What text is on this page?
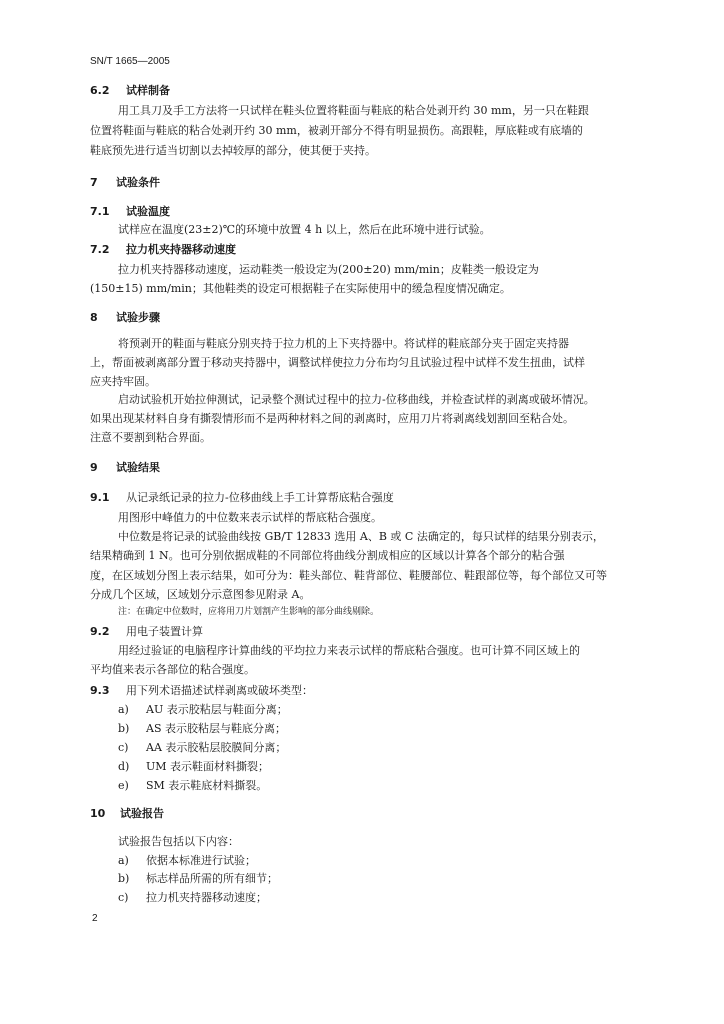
SN/T 1665—2005
6.2 试样制备
用工具刀及手工方法将一只试样在鞋头位置将鞋面与鞋底的粘合处剥开约 30 mm，另一只在鞋跟
位置将鞋面与鞋底的粘合处剥开约 30 mm，被剥开部分不得有明显损伤。高跟鞋，厚底鞋或有底墙的
鞋底预先进行适当切割以去掉较厚的部分，使其便于夹持。
7 试验条件
7.1 试验温度
试样应在温度(23±2)℃的环境中放置 4 h 以上，然后在此环境中进行试验。
7.2 拉力机夹持器移动速度
拉力机夹持器移动速度，运动鞋类一般设定为(200±20) mm/min；皮鞋类一般设定为
(150±15) mm/min；其他鞋类的设定可根据鞋子在实际使用中的缓急程度情况确定。
8 试验步骤
将预剥开的鞋面与鞋底分别夹持于拉力机的上下夹持器中。将试样的鞋底部分夹于固定夹持器
上，帮面被剥离部分置于移动夹持器中，调整试样使拉力分布均匀且试验过程中试样不发生扭曲，试样
应夹持牢固。
启动试验机开始拉伸测试，记录整个测试过程中的拉力-位移曲线，并检查试样的剥离或破坏情况。
如果出现某材料自身有撕裂情形而不是两种材料之间的剥离时，应用刀片将剥离线划割回至粘合处。
注意不要割到粘合界面。
9 试验结果
9.1 从记录纸记录的拉力-位移曲线上手工计算帮底粘合强度
用图形中峰值力的中位数来表示试样的帮底粘合强度。
中位数是将记录的试验曲线按 GB/T 12833 选用 A、B 或 C 法确定的，每只试样的结果分别表示，
结果精确到 1 N。也可分别依据成鞋的不同部位将曲线分割成相应的区域以计算各个部分的粘合强
度，在区域划分图上表示结果，如可分为：鞋头部位、鞋背部位、鞋腰部位、鞋跟部位等，每个部位又可等
分成几个区域，区域划分示意图参见附录 A。
注：在确定中位数时，应将用刀片划割产生影响的部分曲线剔除。
9.2 用电子装置计算
用经过验证的电脑程序计算曲线的平均拉力来表示试样的帮底粘合强度。也可计算不同区域上的
平均值来表示各部位的粘合强度。
9.3 用下列术语描述试样剥离或破坏类型：
a) AU 表示胶粘层与鞋面分离；
b) AS 表示胶粘层与鞋底分离；
c) AA 表示胶粘层胶膜间分离；
d) UM 表示鞋面材料撕裂；
e) SM 表示鞋底材料撕裂。
10 试验报告
试验报告包括以下内容：
a) 依据本标准进行试验；
b) 标志样品所需的所有细节；
c) 拉力机夹持器移动速度；
2
